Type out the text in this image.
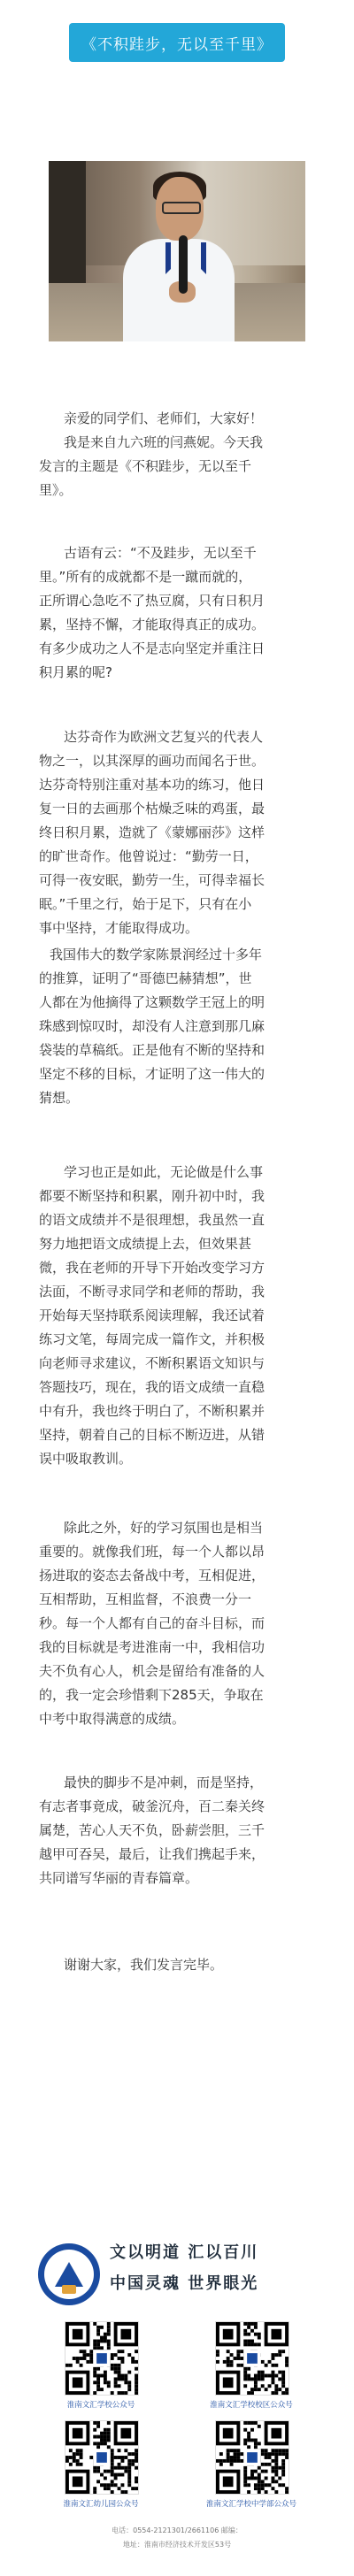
《不积跬步，无以至千里》
亲爱的同学们、老师们，大家好！
我是来自九六班的闫燕妮。今天我
发言的主题是《不积跬步，无以至千
里》。
古语有云：“不及跬步，无以至千
里。”所有的成就都不是一蹴而就的，
正所谓心急吃不了热豆腐，只有日积月
累，坚持不懈，才能取得真正的成功。
有多少成功之人不是志向坚定并重注日
积月累的呢?
达芬奇作为欧洲文艺复兴的代表人
物之一，以其深厚的画功而闻名于世。
达芬奇特别注重对基本功的练习，他日
复一日的去画那个枯燥乏味的鸡蛋，最
终日积月累，造就了《蒙娜丽莎》这样
的旷世奇作。他曾说过：“勤劳一日，
可得一夜安眠，勤劳一生，可得幸福长
眠。”千里之行，始于足下，只有在小
事中坚持，才能取得成功。
我国伟大的数学家陈景润经过十多年
的推算，证明了“哥德巴赫猜想”，世
人都在为他摘得了这颗数学王冠上的明
珠感到惊叹时，却没有人注意到那几麻
袋装的草稿纸。正是他有不断的坚持和
坚定不移的目标，才证明了这一伟大的
猜想。
学习也正是如此，无论做是什么事
都要不断坚持和积累，刚升初中时，我
的语文成绩并不是很理想，我虽然一直
努力地把语文成绩提上去，但效果甚
微，我在老师的开导下开始改变学习方
法面，不断寻求同学和老师的帮助，我
开始每天坚持联系阅读理解，我还试着
练习文笔，每周完成一篇作文，并积极
向老师寻求建议，不断积累语文知识与
答题技巧，现在，我的语文成绩一直稳
中有升，我也终于明白了，不断积累并
坚持，朝着自己的目标不断迈进，从错
误中吸取教训。
除此之外，好的学习氛围也是相当
重要的。就像我们班，每一个人都以昂
扬进取的姿态去备战中考，互相促进，
互相帮助，互相监督，不浪费一分一
秒。每一个人都有自己的奋斗目标，而
我的目标就是考进淮南一中，我相信功
夫不负有心人，机会是留给有准备的人
的，我一定会珍惜剩下285天，争取在
中考中取得满意的成绩。
最快的脚步不是冲刺，而是坚持，
有志者事竟成，破釜沉舟，百二秦关终
属楚，苦心人天不负，卧薪尝胆，三千
越甲可吞吴，最后，让我们携起手来，
共同谱写华丽的青春篇章。
谢谢大家，我们发言完毕。
文以明道 汇以百川
中国灵魂 世界眼光
淮南文汇学校公众号	淮南文汇学校校区公众号
淮南文汇幼儿园公众号	淮南文汇学校中学部公众号
电话：0554-2121301/2661106 邮编：
地址：淮南市经济技术开发区53号
